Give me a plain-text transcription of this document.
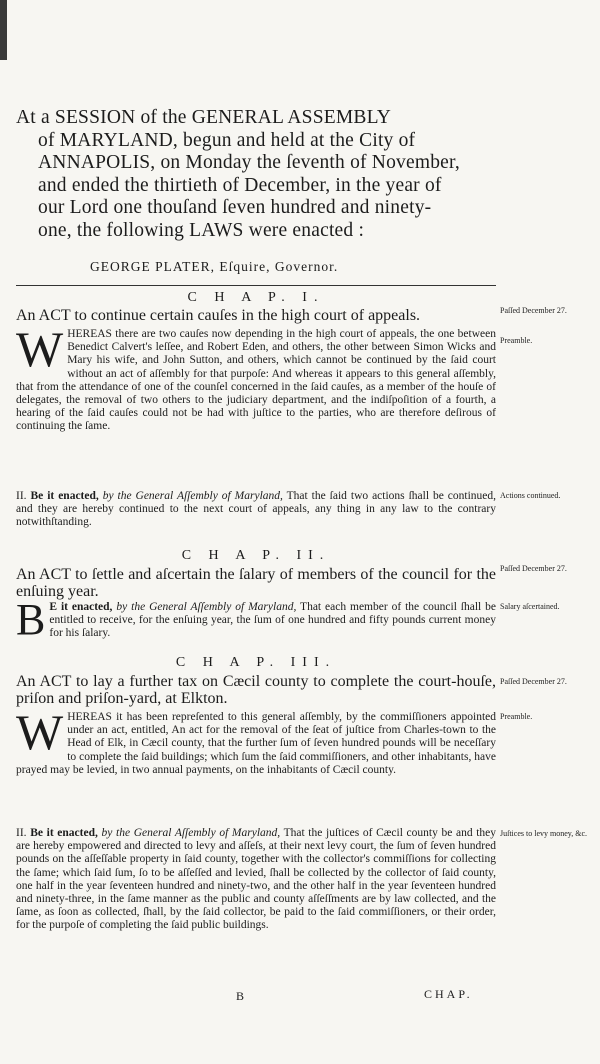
At a SESSION of the GENERAL ASSEMBLY
of MARYLAND, begun and held at the City of
ANNAPOLIS, on Monday the ſeventh of November,
and ended the thirtieth of December, in the year of
our Lord one thouſand ſeven hundred and ninety-
one, the following LAWS were enacted :
GEORGE PLATER, Eſquire, Governor.
C H A P. I.
An ACT to continue certain cauſes in the high court of appeals.	Paſſed December 27.
Preamble.
W HEREAS there are two cauſes now depending in the high court of appeals, the one between Benedict Calvert's leſſee, and Robert Eden, and others, the other between Simon Wicks and Mary his wife, and John Sutton, and others, which cannot be continued by the ſaid court without an act of aſſembly for that purpoſe: And whereas it appears to this general aſſembly, that from the attendance of one of the counſel concerned in the ſaid cauſes, as a member of the houſe of delegates, the removal of two others to the judiciary department, and the indiſpoſition of a fourth, a hearing of the ſaid cauſes could not be had with juſtice to the parties, who are therefore deſirous of continuing the ſame.
II. Be it enacted, by the General Aſſembly of Maryland, That the ſaid two actions ſhall be continued, and they are hereby continued to the next court of appeals, any thing in any law to the contrary notwithſtanding.
Actions continued.
C H A P. II.
An ACT to ſettle and aſcertain the ſalary of members of the council for the enſuing year.
Paſſed December 27.
B E it enacted, by the General Aſſembly of Maryland, That each member of the council ſhall be entitled to receive, for the enſuing year, the ſum of one hundred and fifty pounds current money for his ſalary.
Salary aſcertained.
C H A P. III.
An ACT to lay a further tax on Cæcil county to complete the court-houſe, priſon and priſon-yard, at Elkton.
Paſſed December 27.
Preamble.
W HEREAS it has been repreſented to this general aſſembly, by the commiſſioners appointed under an act, entitled, An act for the removal of the ſeat of juſtice from Charles-town to the Head of Elk, in Cæcil county, that the further ſum of ſeven hundred pounds will be neceſſary to complete the ſaid buildings; which ſum the ſaid commiſſioners, and other inhabitants, have prayed may be levied, in two annual payments, on the inhabitants of Cæcil county.
II. Be it enacted, by the General Aſſembly of Maryland, That the juſtices of Cæcil county be and they are hereby empowered and directed to levy and aſſeſs, at their next levy court, the ſum of ſeven hundred pounds on the aſſeſſable property in ſaid county, together with the collector's commiſſions for collecting the ſame; which ſaid ſum, ſo to be aſſeſſed and levied, ſhall be collected by the collector of ſaid county, one half in the year ſeventeen hundred and ninety-two, and the other half in the year ſeventeen hundred and ninety-three, in the ſame manner as the public and county aſſeſſments are by law collected, and the ſame, as ſoon as collected, ſhall, by the ſaid collector, be paid to the ſaid commiſſioners, or their order, for the purpoſe of completing the ſaid public buildings.
Juſtices to levy money, &c.
B	CHAP.
